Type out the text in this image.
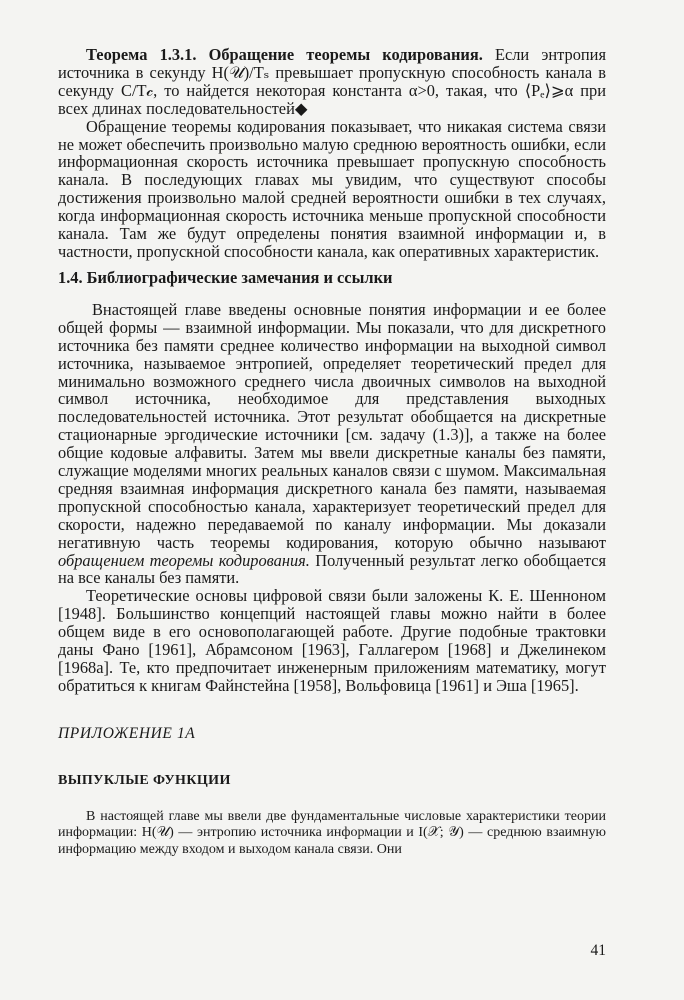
Теорема 1.3.1. Обращение теоремы кодирования. Если энтропия источника в секунду H(𝒰)/Tₛ превышает пропускную способность канала в секунду C/T𝒸, то найдется некоторая константа α>0, такая, что ⟨Pₑ⟩⩾α при всех длинах последовательностей◆

Обращение теоремы кодирования показывает, что никакая система связи не может обеспечить произвольно малую среднюю вероятность ошибки, если информационная скорость источника превышает пропускную способность канала. В последующих главах мы увидим, что существуют способы достижения произвольно малой средней вероятности ошибки в тех случаях, когда информационная скорость источника меньше пропускной способности канала. Там же будут определены понятия взаимной информации и, в частности, пропускной способности канала, как оперативных характеристик.

1.4. Библиографические замечания и ссылки

Внастоящей главе введены основные понятия информации и ее более общей формы — взаимной информации. Мы показали, что для дискретного источника без памяти среднее количество информации на выходной символ источника, называемое энтропией, определяет теоретический предел для минимально возможного среднего числа двоичных символов на выходной символ источника, необходимое для представления выходных последовательностей источника. Этот результат обобщается на дискретные стационарные эргодические источники [см. задачу (1.3)], а также на более общие кодовые алфавиты. Затем мы ввели дискретные каналы без памяти, служащие моделями многих реальных каналов связи с шумом. Максимальная средняя взаимная информация дискретного канала без памяти, называемая пропускной способностью канала, характеризует теоретический предел для скорости, надежно передаваемой по каналу информации. Мы доказали негативную часть теоремы кодирования, которую обычно называют обращением теоремы кодирования. Полученный результат легко обобщается на все каналы без памяти.

Теоретические основы цифровой связи были заложены К. Е. Шенноном [1948]. Большинство концепций настоящей главы можно найти в более общем виде в его основополагающей работе. Другие подобные трактовки даны Фано [1961], Абрамсоном [1963], Галлагером [1968] и Джелинеком [1968а]. Те, кто предпочитает инженерным приложениям математику, могут обратиться к книгам Файнстейна [1958], Вольфовица [1961] и Эша [1965].

ПРИЛОЖЕНИЕ 1А
ВЫПУКЛЫЕ ФУНКЦИИ

В настоящей главе мы ввели две фундаментальные числовые характеристики теории информации: H(𝒰) — энтропию источника информации и I(𝒳; 𝒴) — среднюю взаимную информацию между входом и выходом канала связи. Они

41
